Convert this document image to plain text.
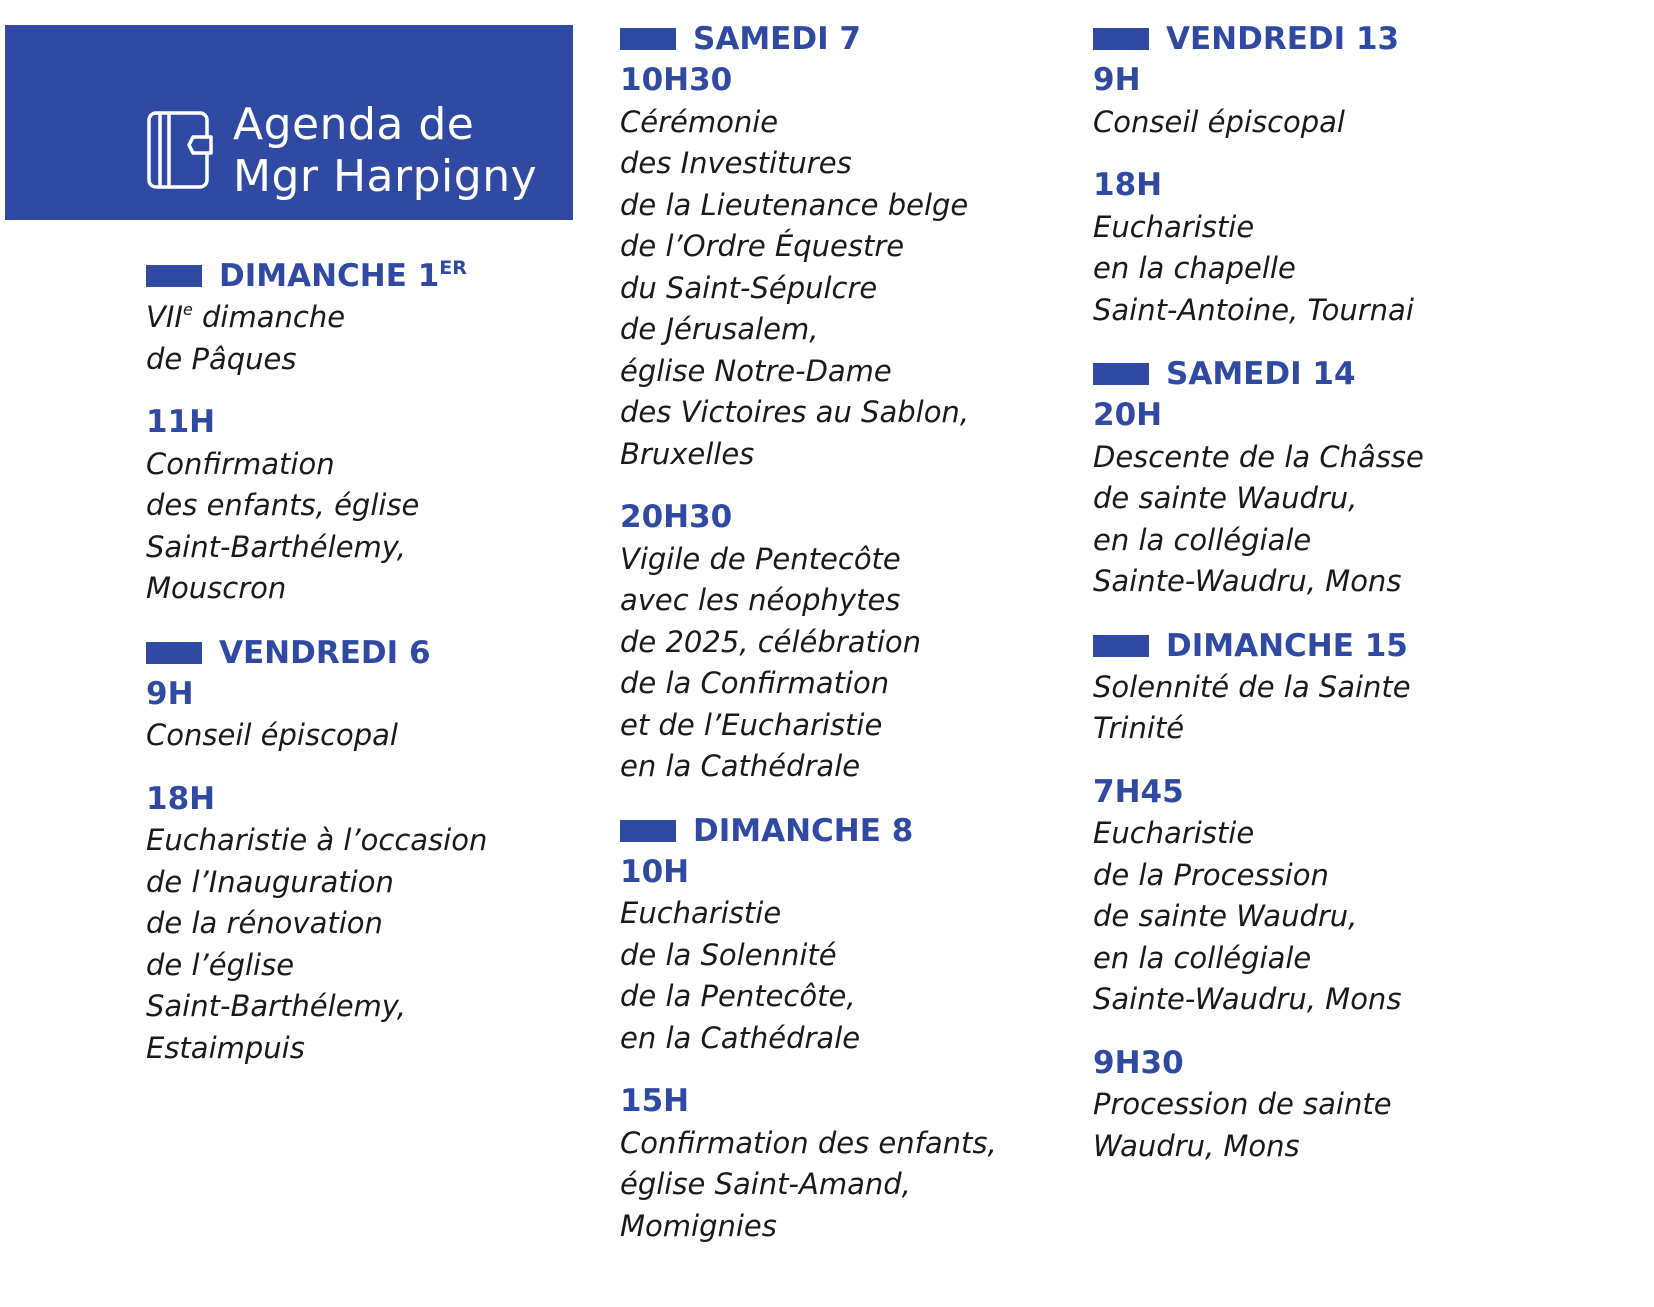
Agenda de
Mgr Harpigny
DIMANCHE 1ER
VIIe dimanche
de Pâques
11H
Confirmation
des enfants, église
Saint-Barthélemy,
Mouscron
VENDREDI 6
9H
Conseil épiscopal
18H
Eucharistie à l’occasion
de l’Inauguration
de la rénovation
de l’église
Saint-Barthélemy,
Estaimpuis
SAMEDI 7
10H30
Cérémonie
des Investitures
de la Lieutenance belge
de l’Ordre Équestre
du Saint-Sépulcre
de Jérusalem,
église Notre-Dame
des Victoires au Sablon,
Bruxelles
20H30
Vigile de Pentecôte
avec les néophytes
de 2025, célébration
de la Confirmation
et de l’Eucharistie
en la Cathédrale
DIMANCHE 8
10H
Eucharistie
de la Solennité
de la Pentecôte,
en la Cathédrale
15H
Confirmation des enfants,
église Saint-Amand,
Momignies
VENDREDI 13
9H
Conseil épiscopal
18H
Eucharistie
en la chapelle
Saint-Antoine, Tournai
SAMEDI 14
20H
Descente de la Châsse
de sainte Waudru,
en la collégiale
Sainte-Waudru, Mons
DIMANCHE 15
Solennité de la Sainte
Trinité
7H45
Eucharistie
de la Procession
de sainte Waudru,
en la collégiale
Sainte-Waudru, Mons
9H30
Procession de sainte
Waudru, Mons
